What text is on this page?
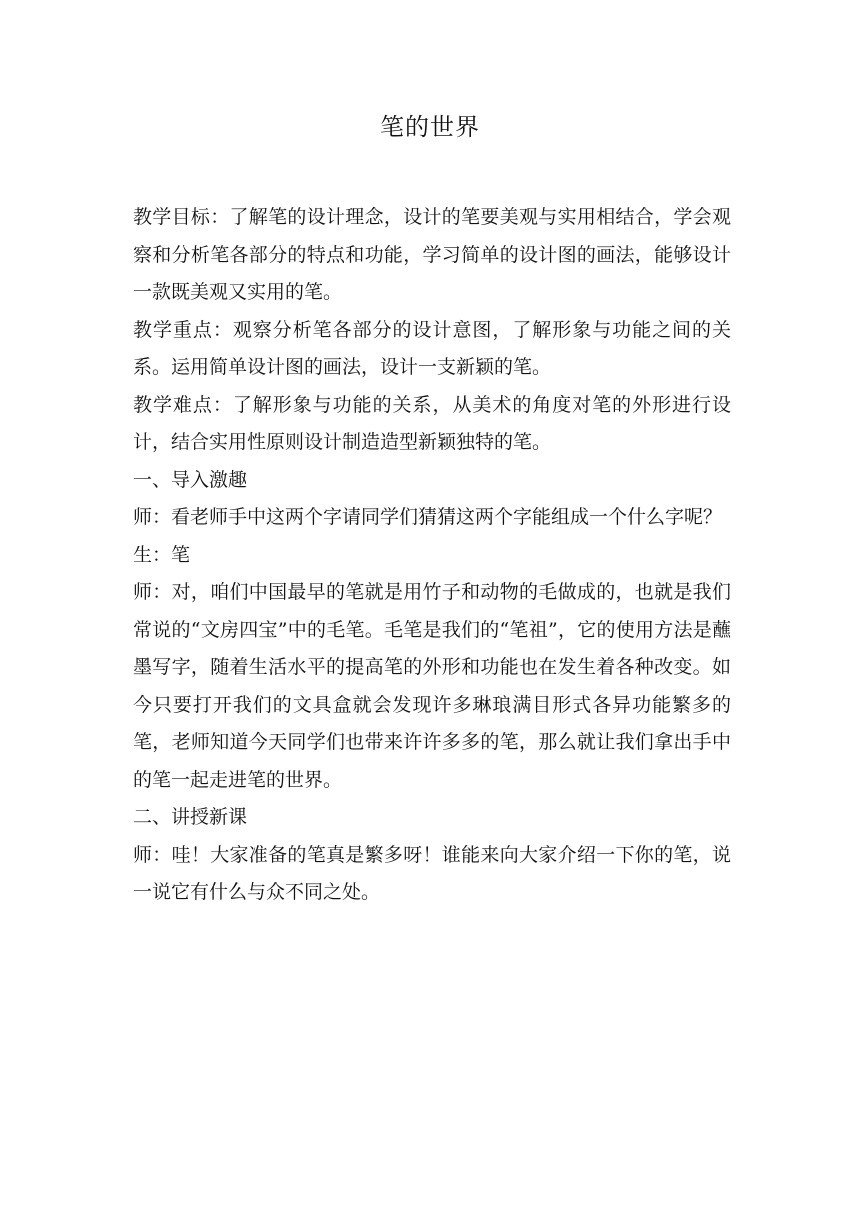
笔的世界

教学目标：了解笔的设计理念，设计的笔要美观与实用相结合，学会观察和分析笔各部分的特点和功能，学习简单的设计图的画法，能够设计一款既美观又实用的笔。

教学重点：观察分析笔各部分的设计意图，了解形象与功能之间的关系。运用简单设计图的画法，设计一支新颖的笔。

教学难点：了解形象与功能的关系，从美术的角度对笔的外形进行设计，结合实用性原则设计制造造型新颖独特的笔。

一、导入激趣

师：看老师手中这两个字请同学们猜猜这两个字能组成一个什么字呢？

生：笔

师：对，咱们中国最早的笔就是用竹子和动物的毛做成的，也就是我们常说的“文房四宝”中的毛笔。毛笔是我们的“笔祖”，它的使用方法是蘸墨写字，随着生活水平的提高笔的外形和功能也在发生着各种改变。如今只要打开我们的文具盒就会发现许多琳琅满目形式各异功能繁多的笔，老师知道今天同学们也带来许许多多的笔，那么就让我们拿出手中的笔一起走进笔的世界。

二、讲授新课

师：哇！大家准备的笔真是繁多呀！谁能来向大家介绍一下你的笔，说一说它有什么与众不同之处。
